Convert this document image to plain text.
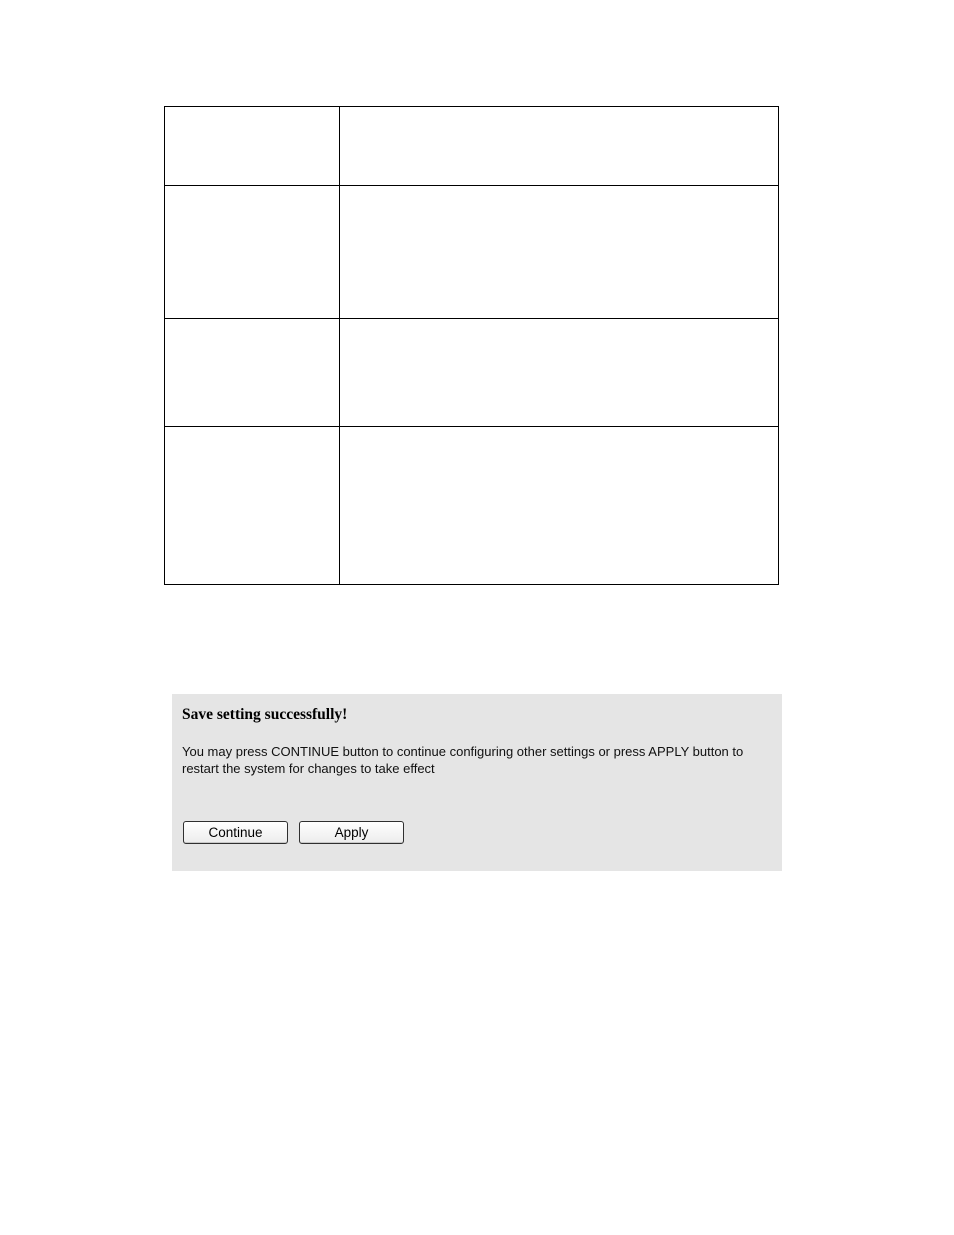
Save setting successfully!

You may press CONTINUE button to continue configuring other settings or press APPLY button to restart the system for changes to take effect

Continue	Apply
